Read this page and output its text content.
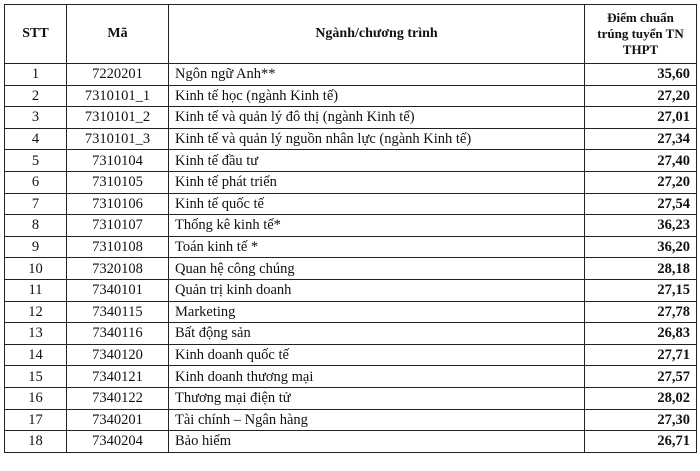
STT	Mã	Ngành/chương trình	Điểm chuẩn
trúng tuyển TN
THPT

1	7220201	Ngôn ngữ Anh**	35,60
2	7310101_1	Kinh tế học (ngành Kinh tế)	27,20
3	7310101_2	Kinh tế và quản lý đô thị (ngành Kinh tế)	27,01
4	7310101_3	Kinh tế và quản lý nguồn nhân lực (ngành Kinh tế)	27,34
5	7310104	Kinh tế đầu tư	27,40
6	7310105	Kinh tế phát triển	27,20
7	7310106	Kinh tế quốc tế	27,54
8	7310107	Thống kê kinh tế*	36,23
9	7310108	Toán kinh tế *	36,20
10	7320108	Quan hệ công chúng	28,18
11	7340101	Quản trị kinh doanh	27,15
12	7340115	Marketing	27,78
13	7340116	Bất động sản	26,83
14	7340120	Kinh doanh quốc tế	27,71
15	7340121	Kinh doanh thương mại	27,57
16	7340122	Thương mại điện tử	28,02
17	7340201	Tài chính – Ngân hàng	27,30
18	7340204	Bảo hiểm	26,71
